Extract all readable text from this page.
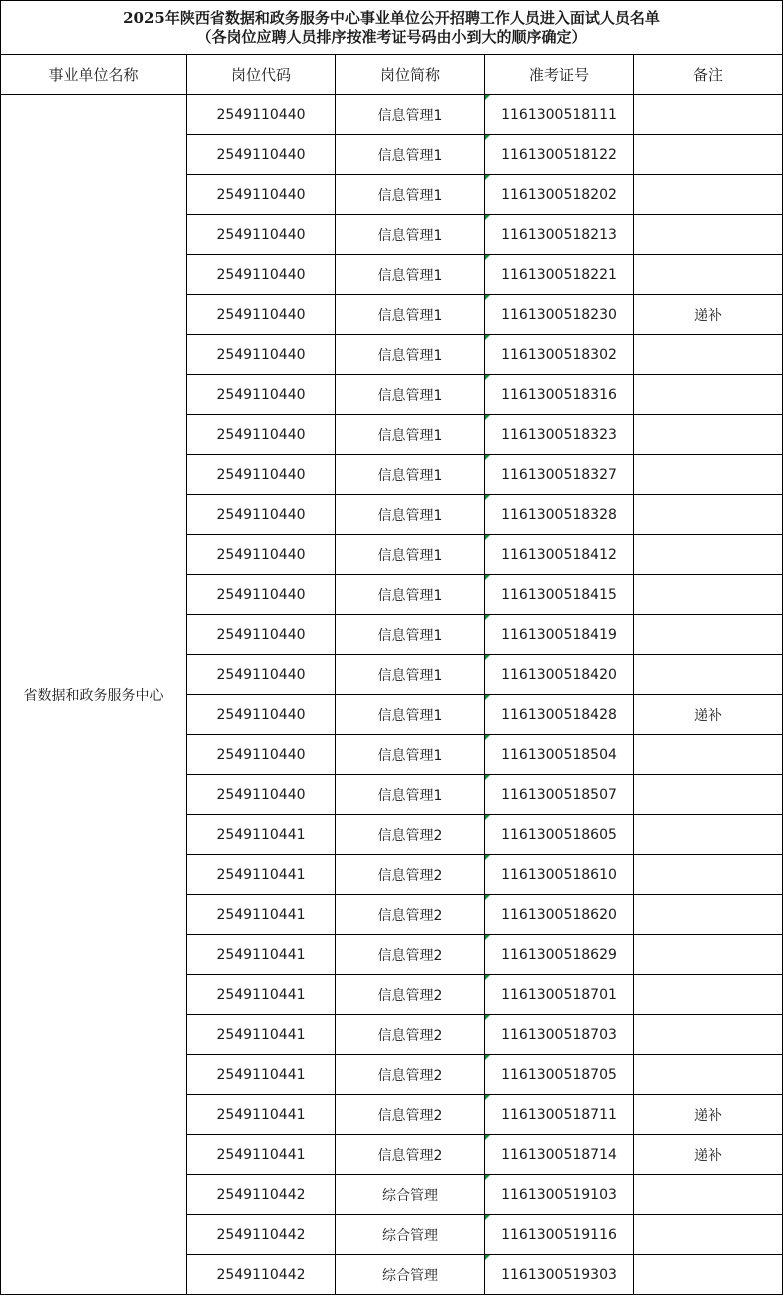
2025年陕西省数据和政务服务中心事业单位公开招聘工作人员进入面试人员名单
（各岗位应聘人员排序按准考证号码由小到大的顺序确定）				

事业单位名称	岗位代码	岗位简称	准考证号	备注
省数据和政务服务中心	2549110440	信息管理1	1161300518111	
	2549110440	信息管理1	1161300518122	
	2549110440	信息管理1	1161300518202	
	2549110440	信息管理1	1161300518213	
	2549110440	信息管理1	1161300518221	
	2549110440	信息管理1	1161300518230	递补
	2549110440	信息管理1	1161300518302	
	2549110440	信息管理1	1161300518316	
	2549110440	信息管理1	1161300518323	
	2549110440	信息管理1	1161300518327	
	2549110440	信息管理1	1161300518328	
	2549110440	信息管理1	1161300518412	
	2549110440	信息管理1	1161300518415	
	2549110440	信息管理1	1161300518419	
	2549110440	信息管理1	1161300518420	
	2549110440	信息管理1	1161300518428	递补
	2549110440	信息管理1	1161300518504	
	2549110440	信息管理1	1161300518507	
	2549110441	信息管理2	1161300518605	
	2549110441	信息管理2	1161300518610	
	2549110441	信息管理2	1161300518620	
	2549110441	信息管理2	1161300518629	
	2549110441	信息管理2	1161300518701	
	2549110441	信息管理2	1161300518703	
	2549110441	信息管理2	1161300518705	
	2549110441	信息管理2	1161300518711	递补
	2549110441	信息管理2	1161300518714	递补
	2549110442	综合管理	1161300519103	
	2549110442	综合管理	1161300519116	
	2549110442	综合管理	1161300519303	
